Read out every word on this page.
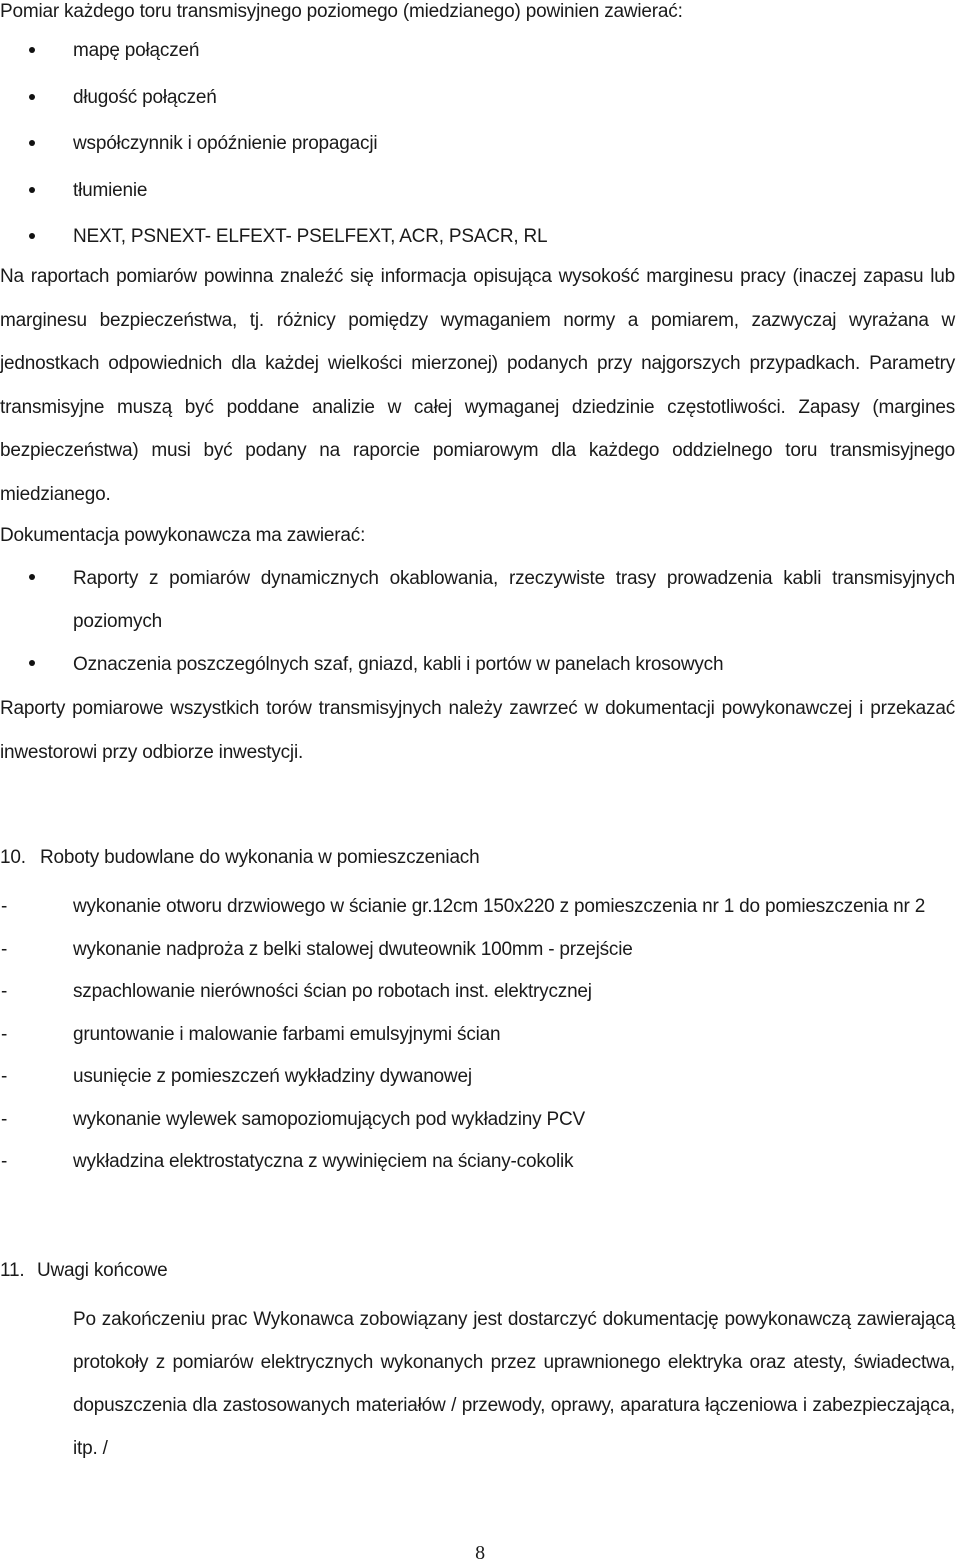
Pomiar każdego toru transmisyjnego poziomego (miedzianego) powinien zawierać:

mapę połączeń
długość połączeń
współczynnik i opóźnienie propagacji
tłumienie
NEXT, PSNEXT- ELFEXT- PSELFEXT, ACR, PSACR, RL

Na raportach pomiarów powinna znaleźć się informacja opisująca wysokość marginesu pracy (inaczej zapasu lub marginesu bezpieczeństwa, tj. różnicy pomiędzy wymaganiem normy a pomiarem, zazwyczaj wyrażana w jednostkach odpowiednich dla każdej wielkości mierzonej) podanych przy najgorszych przypadkach. Parametry transmisyjne muszą być poddane analizie w całej wymaganej dziedzinie częstotliwości. Zapasy (margines bezpieczeństwa) musi być podany na raporcie pomiarowym dla każdego oddzielnego toru transmisyjnego miedzianego.

Dokumentacja powykonawcza ma zawierać:

Raporty z pomiarów dynamicznych okablowania, rzeczywiste trasy prowadzenia kabli transmisyjnych poziomych
Oznaczenia poszczególnych szaf, gniazd, kabli i portów w panelach krosowych

Raporty pomiarowe wszystkich torów transmisyjnych należy zawrzeć w dokumentacji powykonawczej i przekazać inwestorowi przy odbiorze inwestycji.

10. Roboty budowlane do wykonania w pomieszczeniach
-	wykonanie otworu drzwiowego w ścianie gr.12cm 150x220 z pomieszczenia nr 1 do pomieszczenia nr 2
-	wykonanie nadproża z belki stalowej dwuteownik 100mm - przejście
-	szpachlowanie nierówności ścian po robotach inst. elektrycznej
-	gruntowanie i malowanie farbami emulsyjnymi ścian
-	usunięcie z pomieszczeń wykładziny dywanowej
-	wykonanie wylewek samopoziomujących pod wykładziny PCV
-	wykładzina elektrostatyczna z wywinięciem na ściany-cokolik
11. Uwagi końcowe

Po zakończeniu prac Wykonawca zobowiązany jest dostarczyć dokumentację powykonawczą zawierającą protokoły z pomiarów elektrycznych wykonanych przez uprawnionego elektryka oraz atesty, świadectwa, dopuszczenia dla zastosowanych materiałów / przewody, oprawy, aparatura łączeniowa i zabezpieczająca, itp. /

8
